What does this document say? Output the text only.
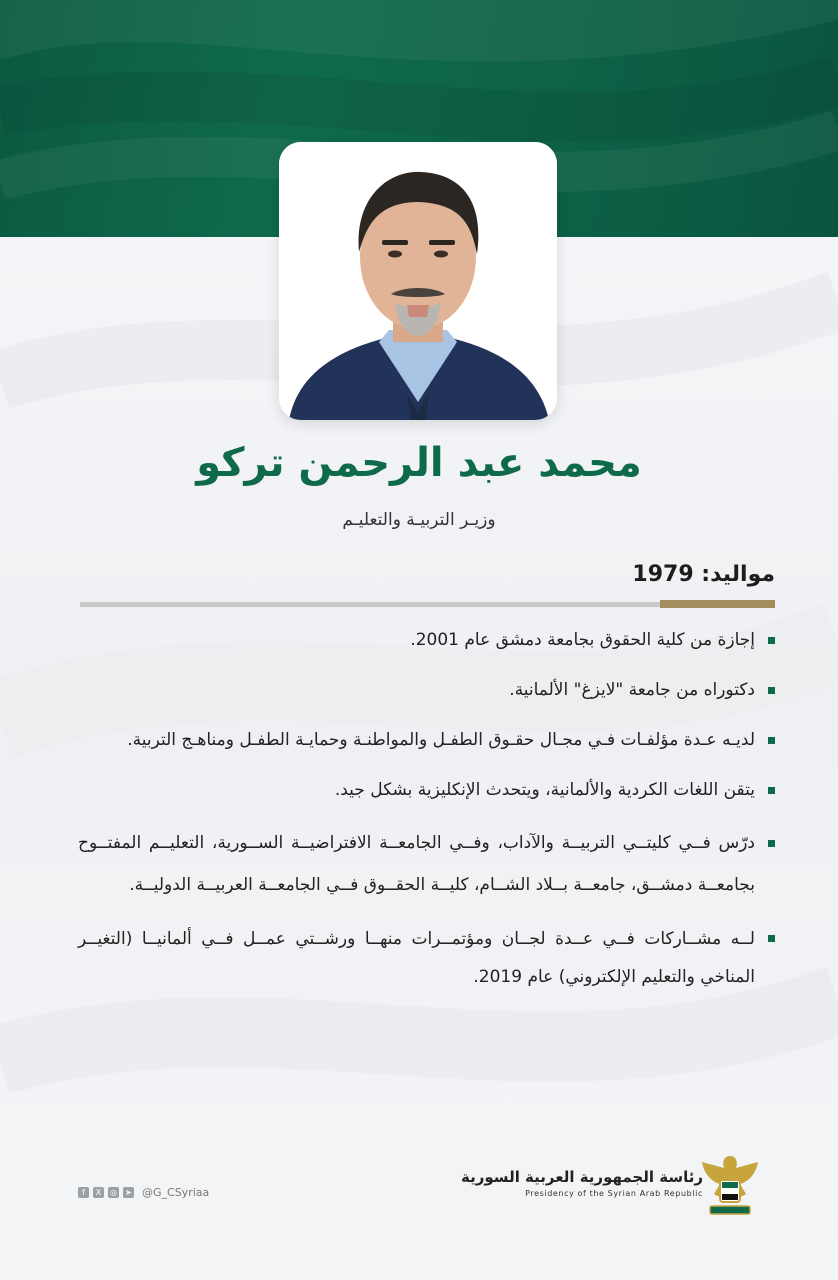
محمد عبد الرحمن تركو

وزيـر التربيـة والتعليـم

مواليد: 1979
إجازة من كلية الحقوق بجامعة دمشق عام 2001.
دكتوراه من جامعة "لايزغ" الألمانية.
لديـه عـدة مؤلفـات فـي مجـال حقـوق الطفـل والمواطنـة وحمايـة الطفـل ومناهـج التربية.
يتقن اللغات الكردية والألمانية، ويتحدث الإنكليزية بشكل جيد.
درّس فــي كليتــي التربيــة والآداب، وفــي الجامعــة الافتراضيــة الســورية، التعليــم المفتــوح بجامعــة دمشــق، جامعــة بــلاد الشــام، كليــة الحقــوق فــي الجامعــة العربيــة الدوليــة.
لــه مشــاركات فــي عــدة لجــان ومؤتمــرات منهــا ورشــتي عمــل فــي ألمانيــا (التغيــر المناخي والتعليم الإلكتروني) عام 2019.
f	X	◎ ➤ @G_CSyriaa
رئاسة الجمهورية العربية السورية
Presidency of the Syrian Arab Republic
